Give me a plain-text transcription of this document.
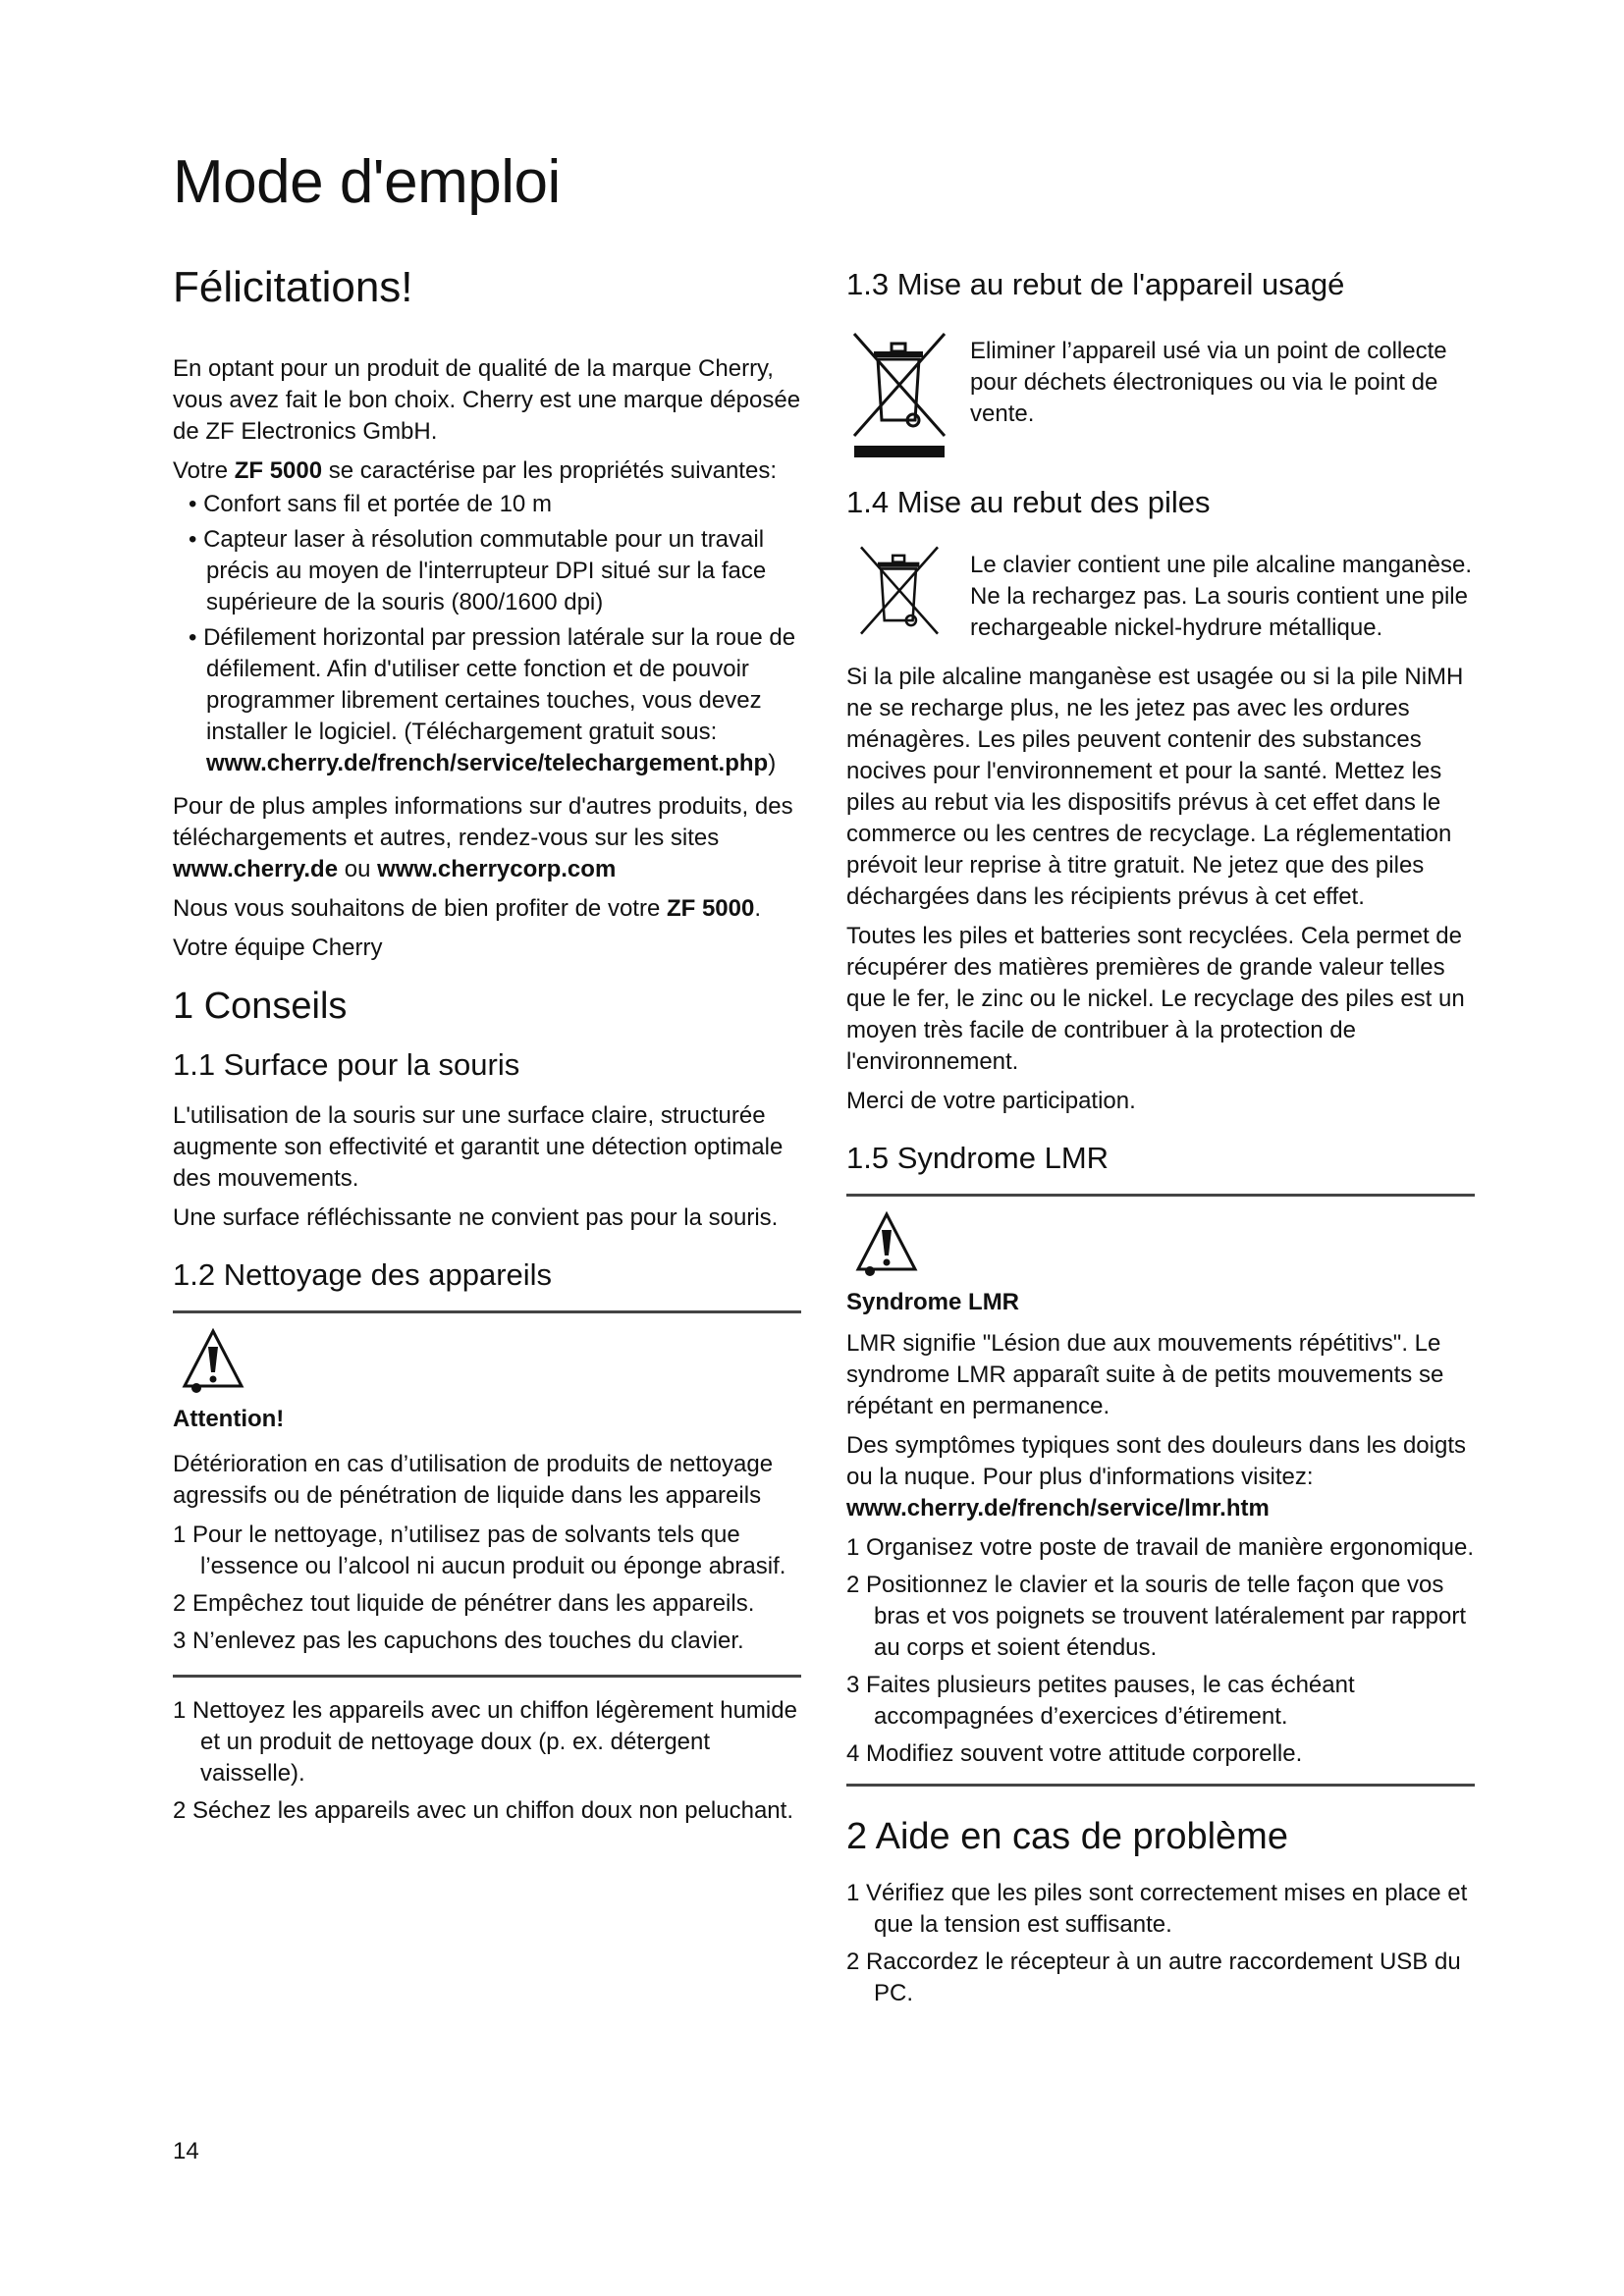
Mode d'emploi
Félicitations!

En optant pour un produit de qualité de la marque Cherry, vous avez fait le bon choix. Cherry est une marque déposée de ZF Electronics GmbH.

Votre ZF 5000 se caractérise par les propriétés suivantes:

• Confort sans fil et portée de 10 m
• Capteur laser à résolution commutable pour un travail précis au moyen de l'interrupteur DPI situé sur la face supérieure de la souris (800/1600 dpi)
• Défilement horizontal par pression latérale sur la roue de défilement. Afin d'utiliser cette fonction et de pouvoir programmer librement certaines touches, vous devez installer le logiciel. (Téléchargement gratuit sous: www.cherry.de/french/service/telechargement.php)

Pour de plus amples informations sur d'autres produits, des téléchargements et autres, rendez-vous sur les sites www.cherry.de ou www.cherrycorp.com

Nous vous souhaitons de bien profiter de votre ZF 5000.

Votre équipe Cherry

1 Conseils
1.1 Surface pour la souris

L'utilisation de la souris sur une surface claire, structurée augmente son effectivité et garantit une détection optimale des mouvements.

Une surface réfléchissante ne convient pas pour la souris.

1.2 Nettoyage des appareils

Attention!

Détérioration en cas d’utilisation de produits de nettoyage agressifs ou de pénétration de liquide dans les appareils

1 Pour le nettoyage, n’utilisez pas de solvants tels que l’essence ou l’alcool ni aucun produit ou éponge abrasif.
2 Empêchez tout liquide de pénétrer dans les appareils.
3 N’enlevez pas les capuchons des touches du clavier.
1 Nettoyez les appareils avec un chiffon légèrement humide et un produit de nettoyage doux (p. ex. détergent vaisselle).
2 Séchez les appareils avec un chiffon doux non peluchant.
1.3 Mise au rebut de l'appareil usagé

Eliminer l’appareil usé via un point de collecte pour déchets électroniques ou via le point de vente.

1.4 Mise au rebut des piles

Le clavier contient une pile alcaline manganèse. Ne la rechargez pas. La souris contient une pile rechargeable nickel-hydrure métallique.

Si la pile alcaline manganèse est usagée ou si la pile NiMH ne se recharge plus, ne les jetez pas avec les ordures ménagères. Les piles peuvent contenir des substances nocives pour l'environnement et pour la santé. Mettez les piles au rebut via les dispositifs prévus à cet effet dans le commerce ou les centres de recyclage. La réglementation prévoit leur reprise à titre gratuit. Ne jetez que des piles déchargées dans les récipients prévus à cet effet.

Toutes les piles et batteries sont recyclées. Cela permet de récupérer des matières premières de grande valeur telles que le fer, le zinc ou le nickel. Le recyclage des piles est un moyen très facile de contribuer à la protection de l'environnement.

Merci de votre participation.

1.5 Syndrome LMR

Syndrome LMR

LMR signifie "Lésion due aux mouvements répétitivs". Le syndrome LMR apparaît suite à de petits mouvements se répétant en permanence.

Des symptômes typiques sont des douleurs dans les doigts ou la nuque. Pour plus d'informations visitez:
www.cherry.de/french/service/lmr.htm

1 Organisez votre poste de travail de manière ergonomique.
2 Positionnez le clavier et la souris de telle façon que vos bras et vos poignets se trouvent latéralement par rapport au corps et soient étendus.
3 Faites plusieurs petites pauses, le cas échéant accompagnées d’exercices d’étirement.
4 Modifiez souvent votre attitude corporelle.
2 Aide en cas de problème
1 Vérifiez que les piles sont correctement mises en place et que la tension est suffisante.
2 Raccordez le récepteur à un autre raccordement USB du PC.
14
